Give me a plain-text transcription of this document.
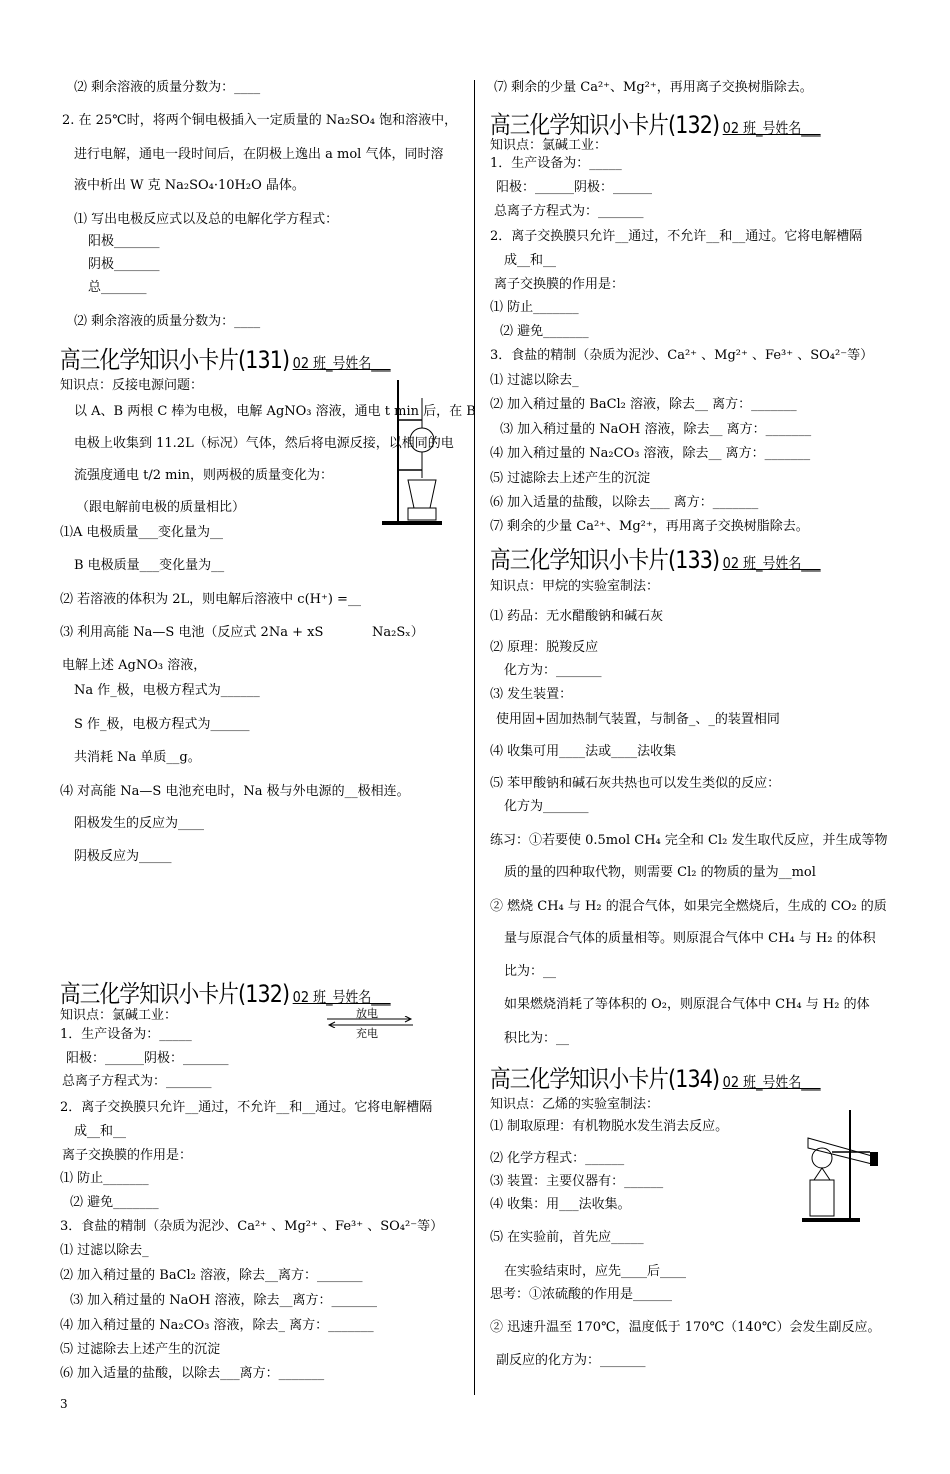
⑵ 剩余溶液的质量分数为：____
2. 在 25℃时，将两个铜电极插入一定质量的 Na₂SO₄ 饱和溶液中，
进行电解，通电一段时间后，在阴极上逸出 a mol 气体，同时溶
液中析出 W 克 Na₂SO₄·10H₂O 晶体。
⑴ 写出电极反应式以及总的电解化学方程式：
阳极_______
阴极_______
总_______
⑵ 剩余溶液的质量分数为：____
高三化学知识小卡片(131) 02 班_号姓名___
知识点：反接电源问题：
以 A、B 两根 C 棒为电极，电解 AgNO₃ 溶液，通电 t min 后，在 B
电极上收集到 11.2L（标况）气体，然后将电源反接，以相同的电
流强度通电 t/2 min，则两极的质量变化为：
（跟电解前电极的质量相比）
⑴A 电极质量___变化量为__
B 电极质量___变化量为__
⑵ 若溶液的体积为 2L，则电解后溶液中 c(H⁺) =__
⑶ 利用高能 Na—S 电池（反应式 2Na + xS	Na₂Sₓ）
电解上述 AgNO₃ 溶液，
Na 作_极，电极方程式为______
S 作_极，电极方程式为______
共消耗 Na 单质__g。
⑷ 对高能 Na—S 电池充电时，Na 极与外电源的__极相连。
阳极发生的反应为____
阴极反应为_____
高三化学知识小卡片(132) 02 班_号姓名___
放电
充电
知识点：氯碱工业：
1．生产设备为：_____
阳极：______阴极：_______
总离子方程式为：_______
2．离子交换膜只允许__通过，不允许__和__通过。它将电解槽隔
成__和__
离子交换膜的作用是：
⑴ 防止_______
⑵ 避免_______
3．食盐的精制（杂质为泥沙、Ca²⁺ 、Mg²⁺ 、Fe³⁺ 、SO₄²⁻等）
⑴ 过滤以除去_
⑵ 加入稍过量的 BaCl₂ 溶液，除去__离方：_______
⑶ 加入稍过量的 NaOH 溶液，除去__离方：_______
⑷ 加入稍过量的 Na₂CO₃ 溶液，除去_ 离方：_______
⑸ 过滤除去上述产生的沉淀
⑹ 加入适量的盐酸，以除去___离方：_______
3
⑺ 剩余的少量 Ca²⁺、Mg²⁺，再用离子交换树脂除去。
高三化学知识小卡片(132) 02 班_号姓名___
知识点：氯碱工业：
1．生产设备为：_____
阳极：______阴极：______
总离子方程式为：_______
2．离子交换膜只允许__通过，不允许__和__通过。它将电解槽隔
成__和__
离子交换膜的作用是：
⑴ 防止_______
⑵ 避免_______
3．食盐的精制（杂质为泥沙、Ca²⁺ 、Mg²⁺ 、Fe³⁺ 、SO₄²⁻等）
⑴ 过滤以除去_
⑵ 加入稍过量的 BaCl₂ 溶液，除去__ 离方：_______
⑶ 加入稍过量的 NaOH 溶液，除去__ 离方：_______
⑷ 加入稍过量的 Na₂CO₃ 溶液，除去__ 离方：_______
⑸ 过滤除去上述产生的沉淀
⑹ 加入适量的盐酸，以除去___ 离方：_______
⑺ 剩余的少量 Ca²⁺、Mg²⁺，再用离子交换树脂除去。
高三化学知识小卡片(133) 02 班_号姓名___
知识点：甲烷的实验室制法：
⑴ 药品：无水醋酸钠和碱石灰
⑵ 原理：脱羧反应
化方为：_______
⑶ 发生装置：
使用固+固加热制气装置，与制备_、_的装置相同
⑷ 收集可用____法或____法收集
⑸ 苯甲酸钠和碱石灰共热也可以发生类似的反应：
化方为_______
练习：①若要使 0.5mol CH₄ 完全和 Cl₂ 发生取代反应，并生成等物
质的量的四种取代物，则需要 Cl₂ 的物质的量为__mol
② 燃烧 CH₄ 与 H₂ 的混合气体，如果完全燃烧后，生成的 CO₂ 的质
量与原混合气体的质量相等。则原混合气体中 CH₄ 与 H₂ 的体积
比为：__
如果燃烧消耗了等体积的 O₂，则原混合气体中 CH₄ 与 H₂ 的体
积比为：__
高三化学知识小卡片(134) 02 班_号姓名___
知识点：乙烯的实验室制法：
⑴ 制取原理：有机物脱水发生消去反应。
⑵ 化学方程式：______
⑶ 装置：主要仪器有：______
⑷ 收集：用___法收集。
⑸ 在实验前，首先应_____
在实验结束时，应先____后____
思考：①浓硫酸的作用是______
② 迅速升温至 170℃，温度低于 170℃（140℃）会发生副反应。
副反应的化方为：_______
